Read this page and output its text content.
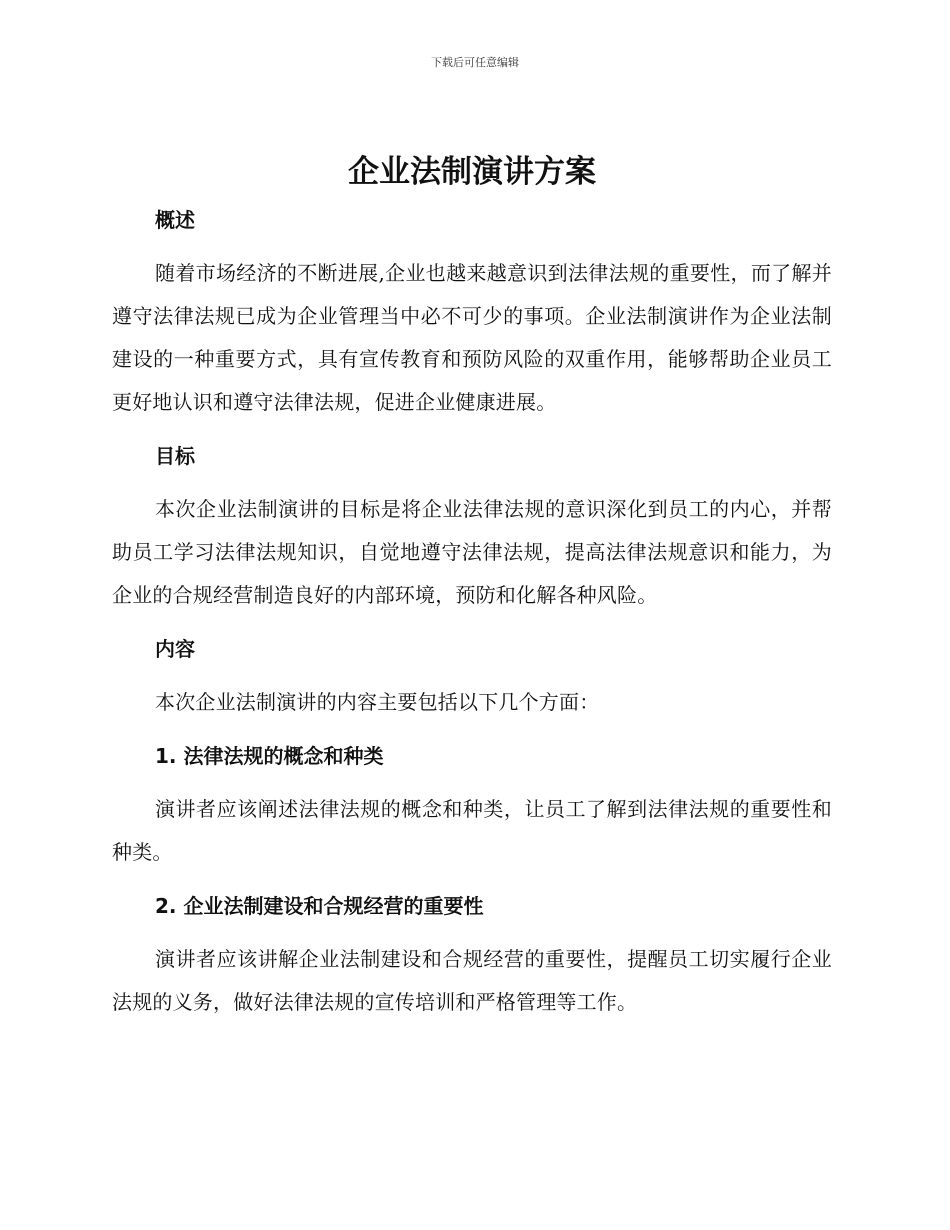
下载后可任意编辑
企业法制演讲方案
概述

随着市场经济的不断进展,企业也越来越意识到法律法规的重要性，而了解并遵守法律法规已成为企业管理当中必不可少的事项。企业法制演讲作为企业法制建设的一种重要方式，具有宣传教育和预防风险的双重作用，能够帮助企业员工更好地认识和遵守法律法规，促进企业健康进展。

目标

本次企业法制演讲的目标是将企业法律法规的意识深化到员工的内心，并帮助员工学习法律法规知识，自觉地遵守法律法规，提高法律法规意识和能力，为企业的合规经营制造良好的内部环境，预防和化解各种风险。

内容

本次企业法制演讲的内容主要包括以下几个方面：

1. 法律法规的概念和种类

演讲者应该阐述法律法规的概念和种类，让员工了解到法律法规的重要性和种类。

2. 企业法制建设和合规经营的重要性

演讲者应该讲解企业法制建设和合规经营的重要性，提醒员工切实履行企业法规的义务，做好法律法规的宣传培训和严格管理等工作。
